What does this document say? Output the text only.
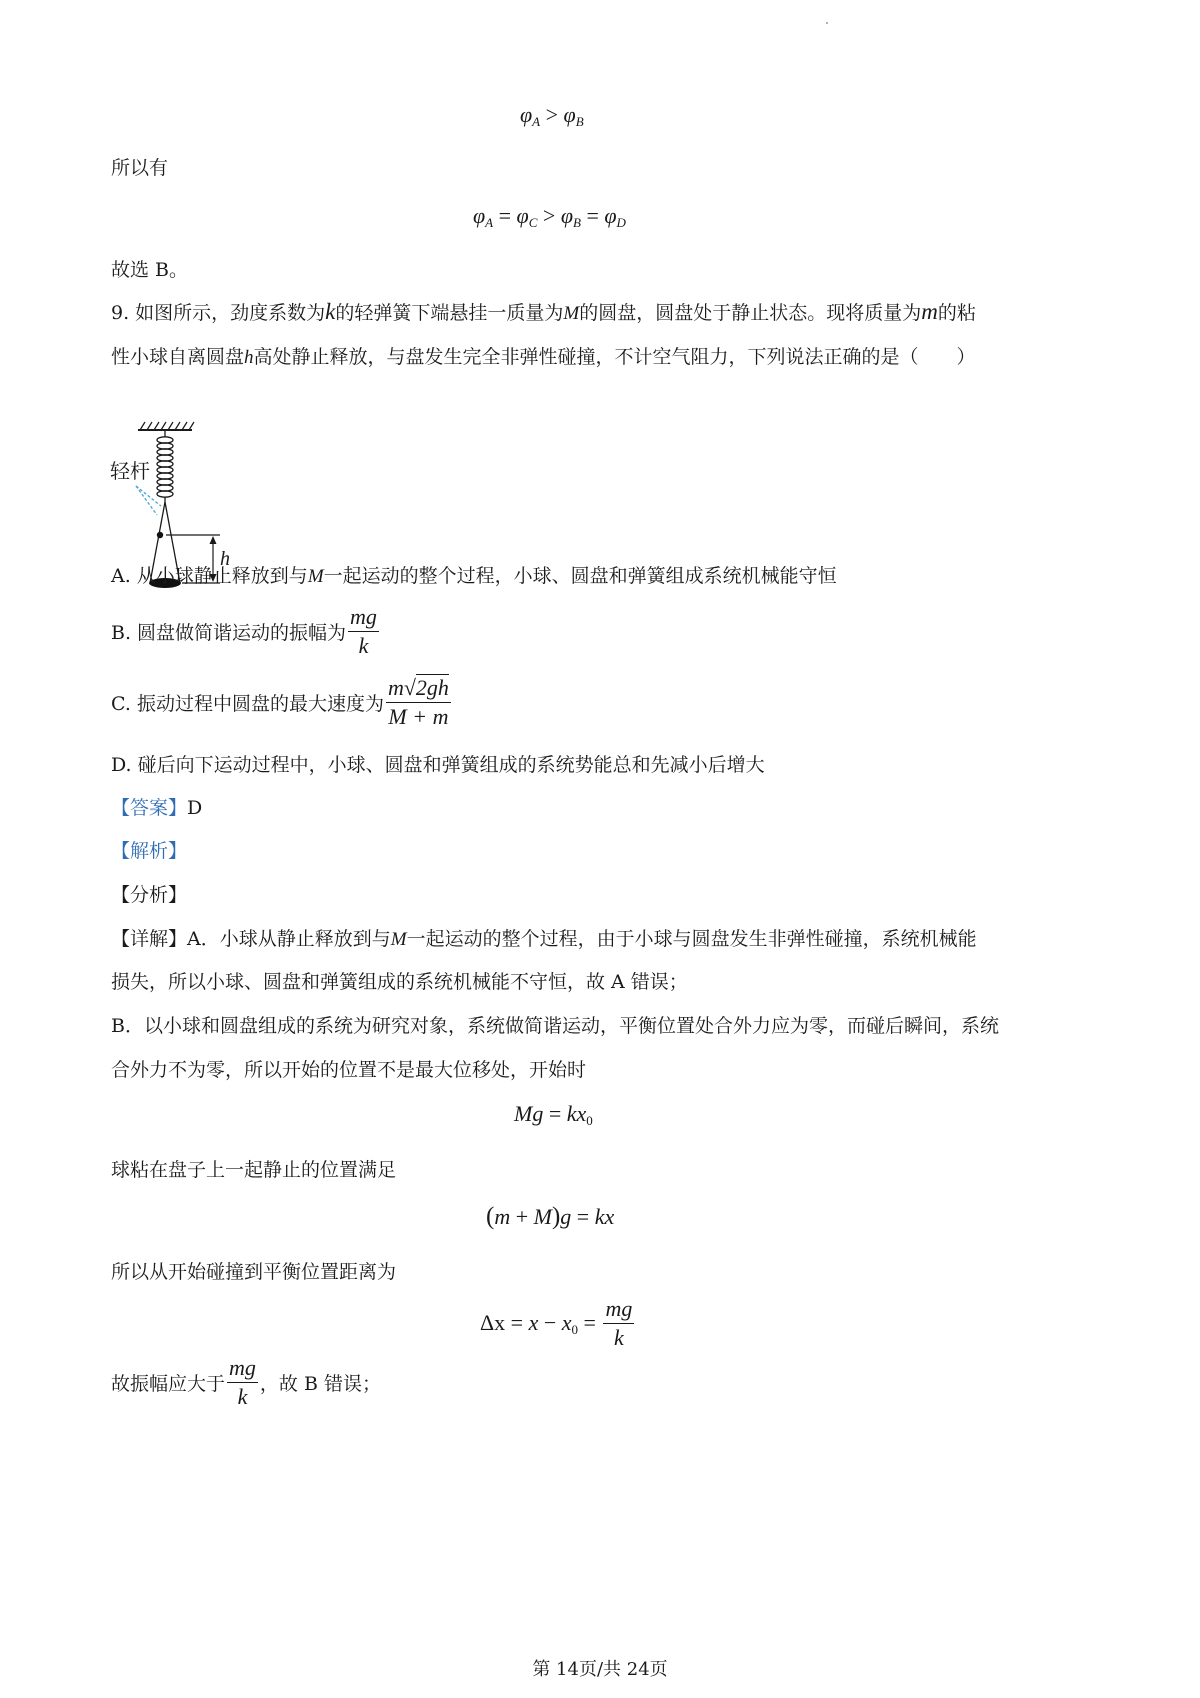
$\varphi_A > \varphi_B$
所以有
$\varphi_A = \varphi_C > \varphi_B = \varphi_D$
故选 B。
9. 如图所示，劲度系数为k的轻弹簧下端悬挂一质量为M的圆盘，圆盘处于静止状态。现将质量为m的粘
性小球自离圆盘h高处静止释放，与盘发生完全非弹性碰撞，不计空气阻力，下列说法正确的是（　　）
轻杆
h
A. 从小球静止释放到与M一起运动的整个过程，小球、圆盘和弹簧组成系统机械能守恒
B. 圆盘做简谐运动的振幅为 $\frac{mg}{k}$
C. 振动过程中圆盘的最大速度为 $\frac{m√2gh}{M + m}$
D. 碰后向下运动过程中，小球、圆盘和弹簧组成的系统势能总和先减小后增大
【答案】D
【解析】
【分析】
【详解】A．小球从静止释放到与M一起运动的整个过程，由于小球与圆盘发生非弹性碰撞，系统机械能
损失，所以小球、圆盘和弹簧组成的系统机械能不守恒，故 A 错误；
B．以小球和圆盘组成的系统为研究对象，系统做简谐运动，平衡位置处合外力应为零，而碰后瞬间，系统
合外力不为零，所以开始的位置不是最大位移处，开始时
$Mg = kx_0$
球粘在盘子上一起静止的位置满足
(m + M)g = kx
所以从开始碰撞到平衡位置距离为
$\Delta x = x - x_0 = \frac{mg}{k}$
故振幅应大于 $\frac{mg}{k}$ ，故 B 错误；
第 14页/共 24页
